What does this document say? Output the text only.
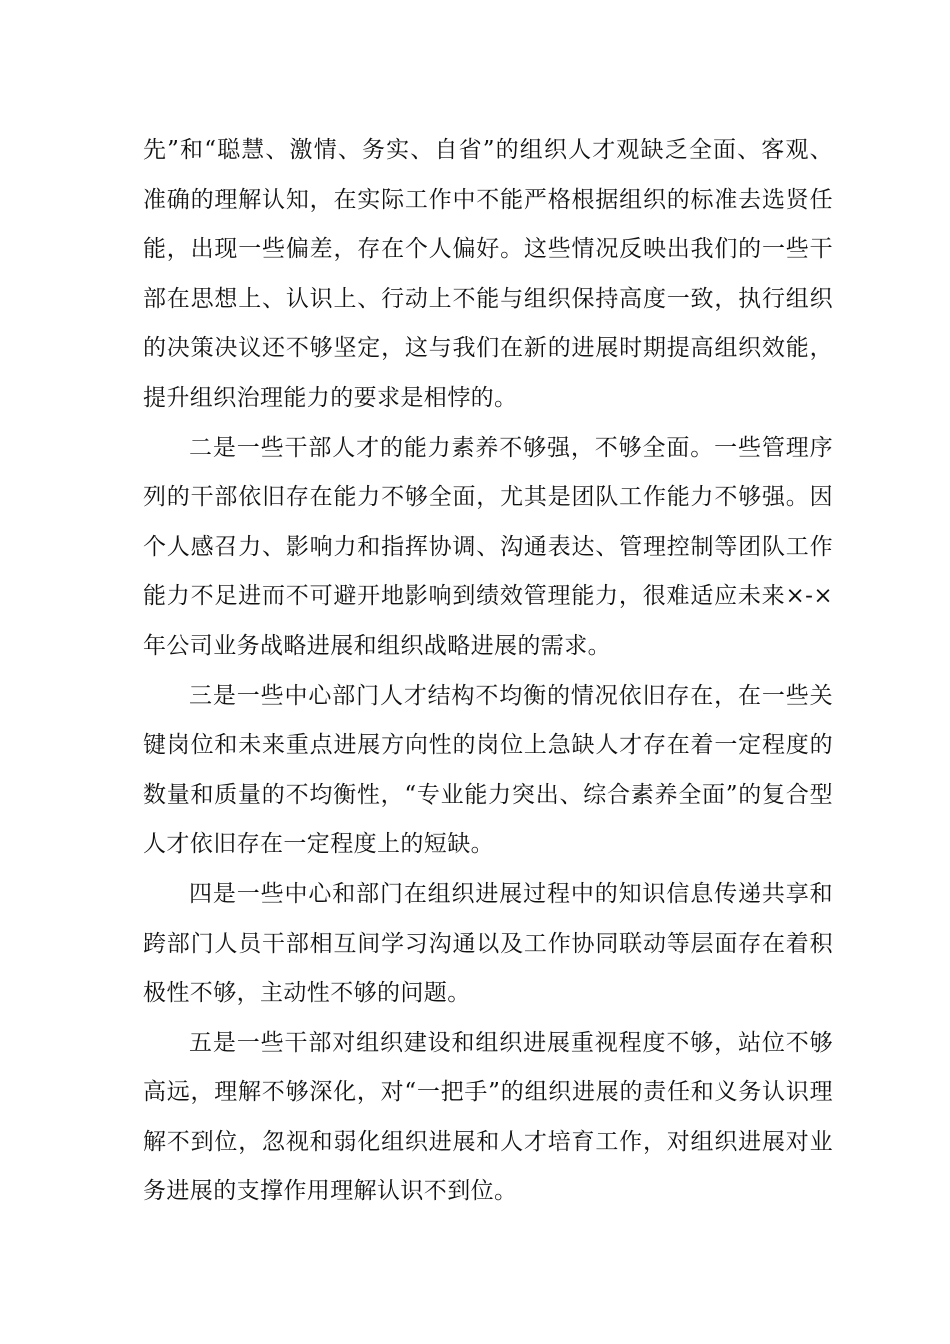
先”和“聪慧、激情、务实、自省”的组织人才观缺乏全面、客观、准确的理解认知，在实际工作中不能严格根据组织的标准去选贤任能，出现一些偏差，存在个人偏好。这些情况反映出我们的一些干部在思想上、认识上、行动上不能与组织保持高度一致，执行组织的决策决议还不够坚定，这与我们在新的进展时期提高组织效能，提升组织治理能力的要求是相悖的。

二是一些干部人才的能力素养不够强，不够全面。一些管理序列的干部依旧存在能力不够全面，尤其是团队工作能力不够强。因个人感召力、影响力和指挥协调、沟通表达、管理控制等团队工作能力不足进而不可避开地影响到绩效管理能力，很难适应未来×-×年公司业务战略进展和组织战略进展的需求。

三是一些中心部门人才结构不均衡的情况依旧存在，在一些关键岗位和未来重点进展方向性的岗位上急缺人才存在着一定程度的数量和质量的不均衡性，“专业能力突出、综合素养全面”的复合型人才依旧存在一定程度上的短缺。

四是一些中心和部门在组织进展过程中的知识信息传递共享和跨部门人员干部相互间学习沟通以及工作协同联动等层面存在着积极性不够，主动性不够的问题。

五是一些干部对组织建设和组织进展重视程度不够，站位不够高远，理解不够深化，对“一把手”的组织进展的责任和义务认识理解不到位，忽视和弱化组织进展和人才培育工作，对组织进展对业务进展的支撑作用理解认识不到位。
